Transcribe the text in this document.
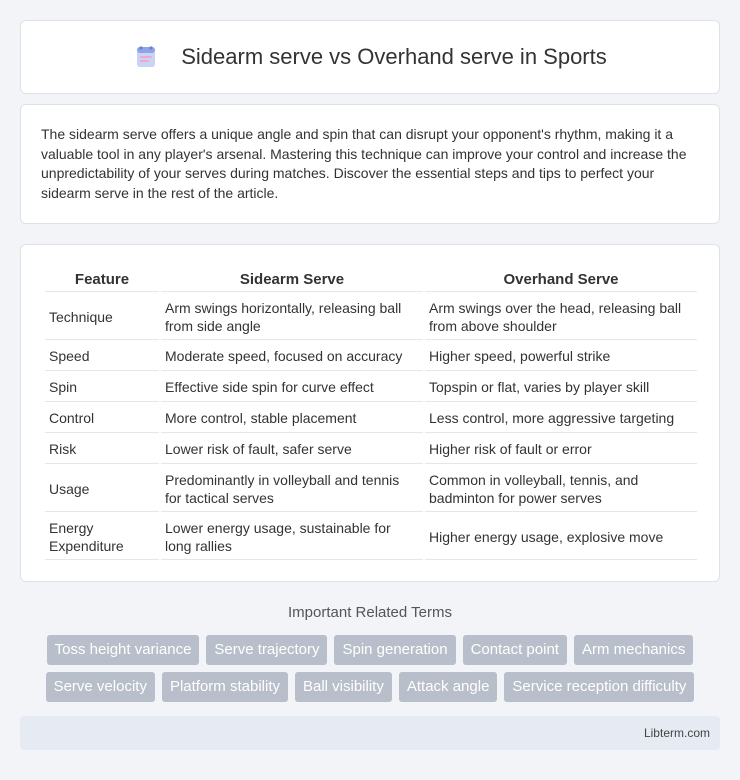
Sidearm serve vs Overhand serve in Sports

The sidearm serve offers a unique angle and spin that can disrupt your opponent's rhythm, making it a valuable tool in any player's arsenal. Mastering this technique can improve your control and increase the unpredictability of your serves during matches. Discover the essential steps and tips to perfect your sidearm serve in the rest of the article.

Feature	Sidearm Serve	Overhand Serve
Technique	Arm swings horizontally, releasing ball from side angle	Arm swings over the head, releasing ball from above shoulder
Speed	Moderate speed, focused on accuracy	Higher speed, powerful strike
Spin	Effective side spin for curve effect	Topspin or flat, varies by player skill
Control	More control, stable placement	Less control, more aggressive targeting
Risk	Lower risk of fault, safer serve	Higher risk of fault or error
Usage	Predominantly in volleyball and tennis for tactical serves	Common in volleyball, tennis, and badminton for power serves
Energy Expenditure	Lower energy usage, sustainable for long rallies	Higher energy usage, explosive move
Important Related Terms
Toss height variance	Serve trajectory	Spin generation	Contact point	Arm mechanics
Serve velocity	Platform stability	Ball visibility	Attack angle	Service reception difficulty
Libterm.com
